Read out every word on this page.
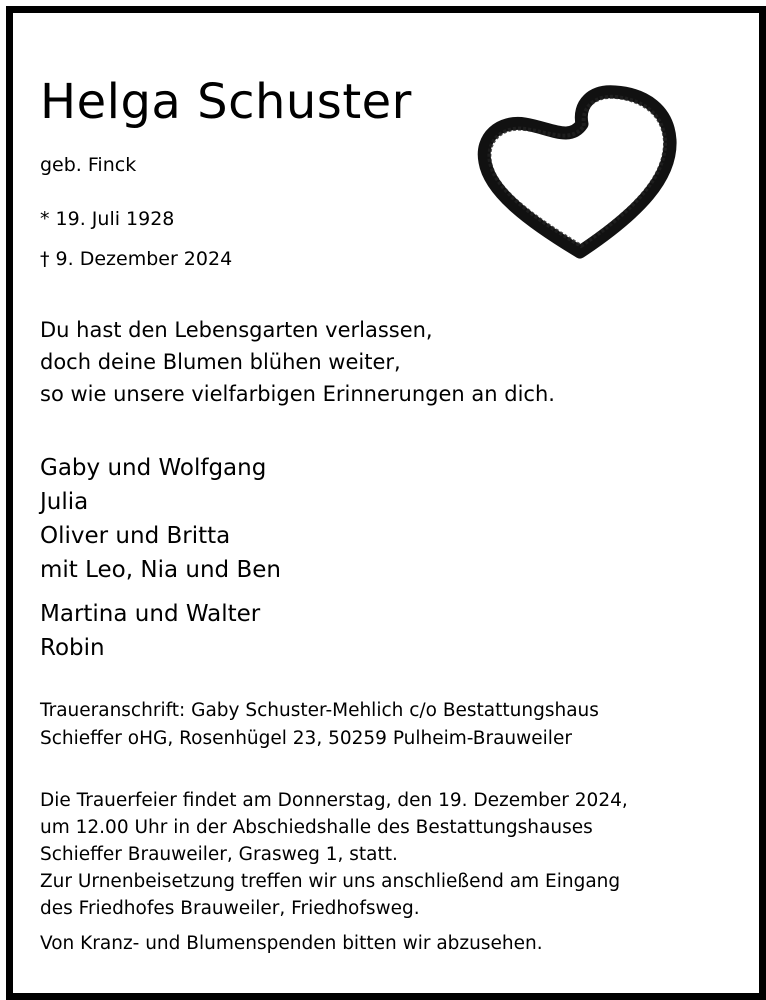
Helga Schuster
geb. Finck
* 19. Juli 1928
† 9. Dezember 2024
Du hast den Lebensgarten verlassen,
doch deine Blumen blühen weiter,
so wie unsere vielfarbigen Erinnerungen an dich.
Gaby und Wolfgang
Julia
Oliver und Britta
mit Leo, Nia und Ben
Martina und Walter
Robin
Traueranschrift: Gaby Schuster-Mehlich c/o Bestattungshaus
Schieffer oHG, Rosenhügel 23, 50259 Pulheim-Brauweiler
Die Trauerfeier findet am Donnerstag, den 19. Dezember 2024,
um 12.00 Uhr in der Abschiedshalle des Bestattungshauses
Schieffer Brauweiler, Grasweg 1, statt.
Zur Urnenbeisetzung treffen wir uns anschließend am Eingang
des Friedhofes Brauweiler, Friedhofsweg.
Von Kranz- und Blumenspenden bitten wir abzusehen.
